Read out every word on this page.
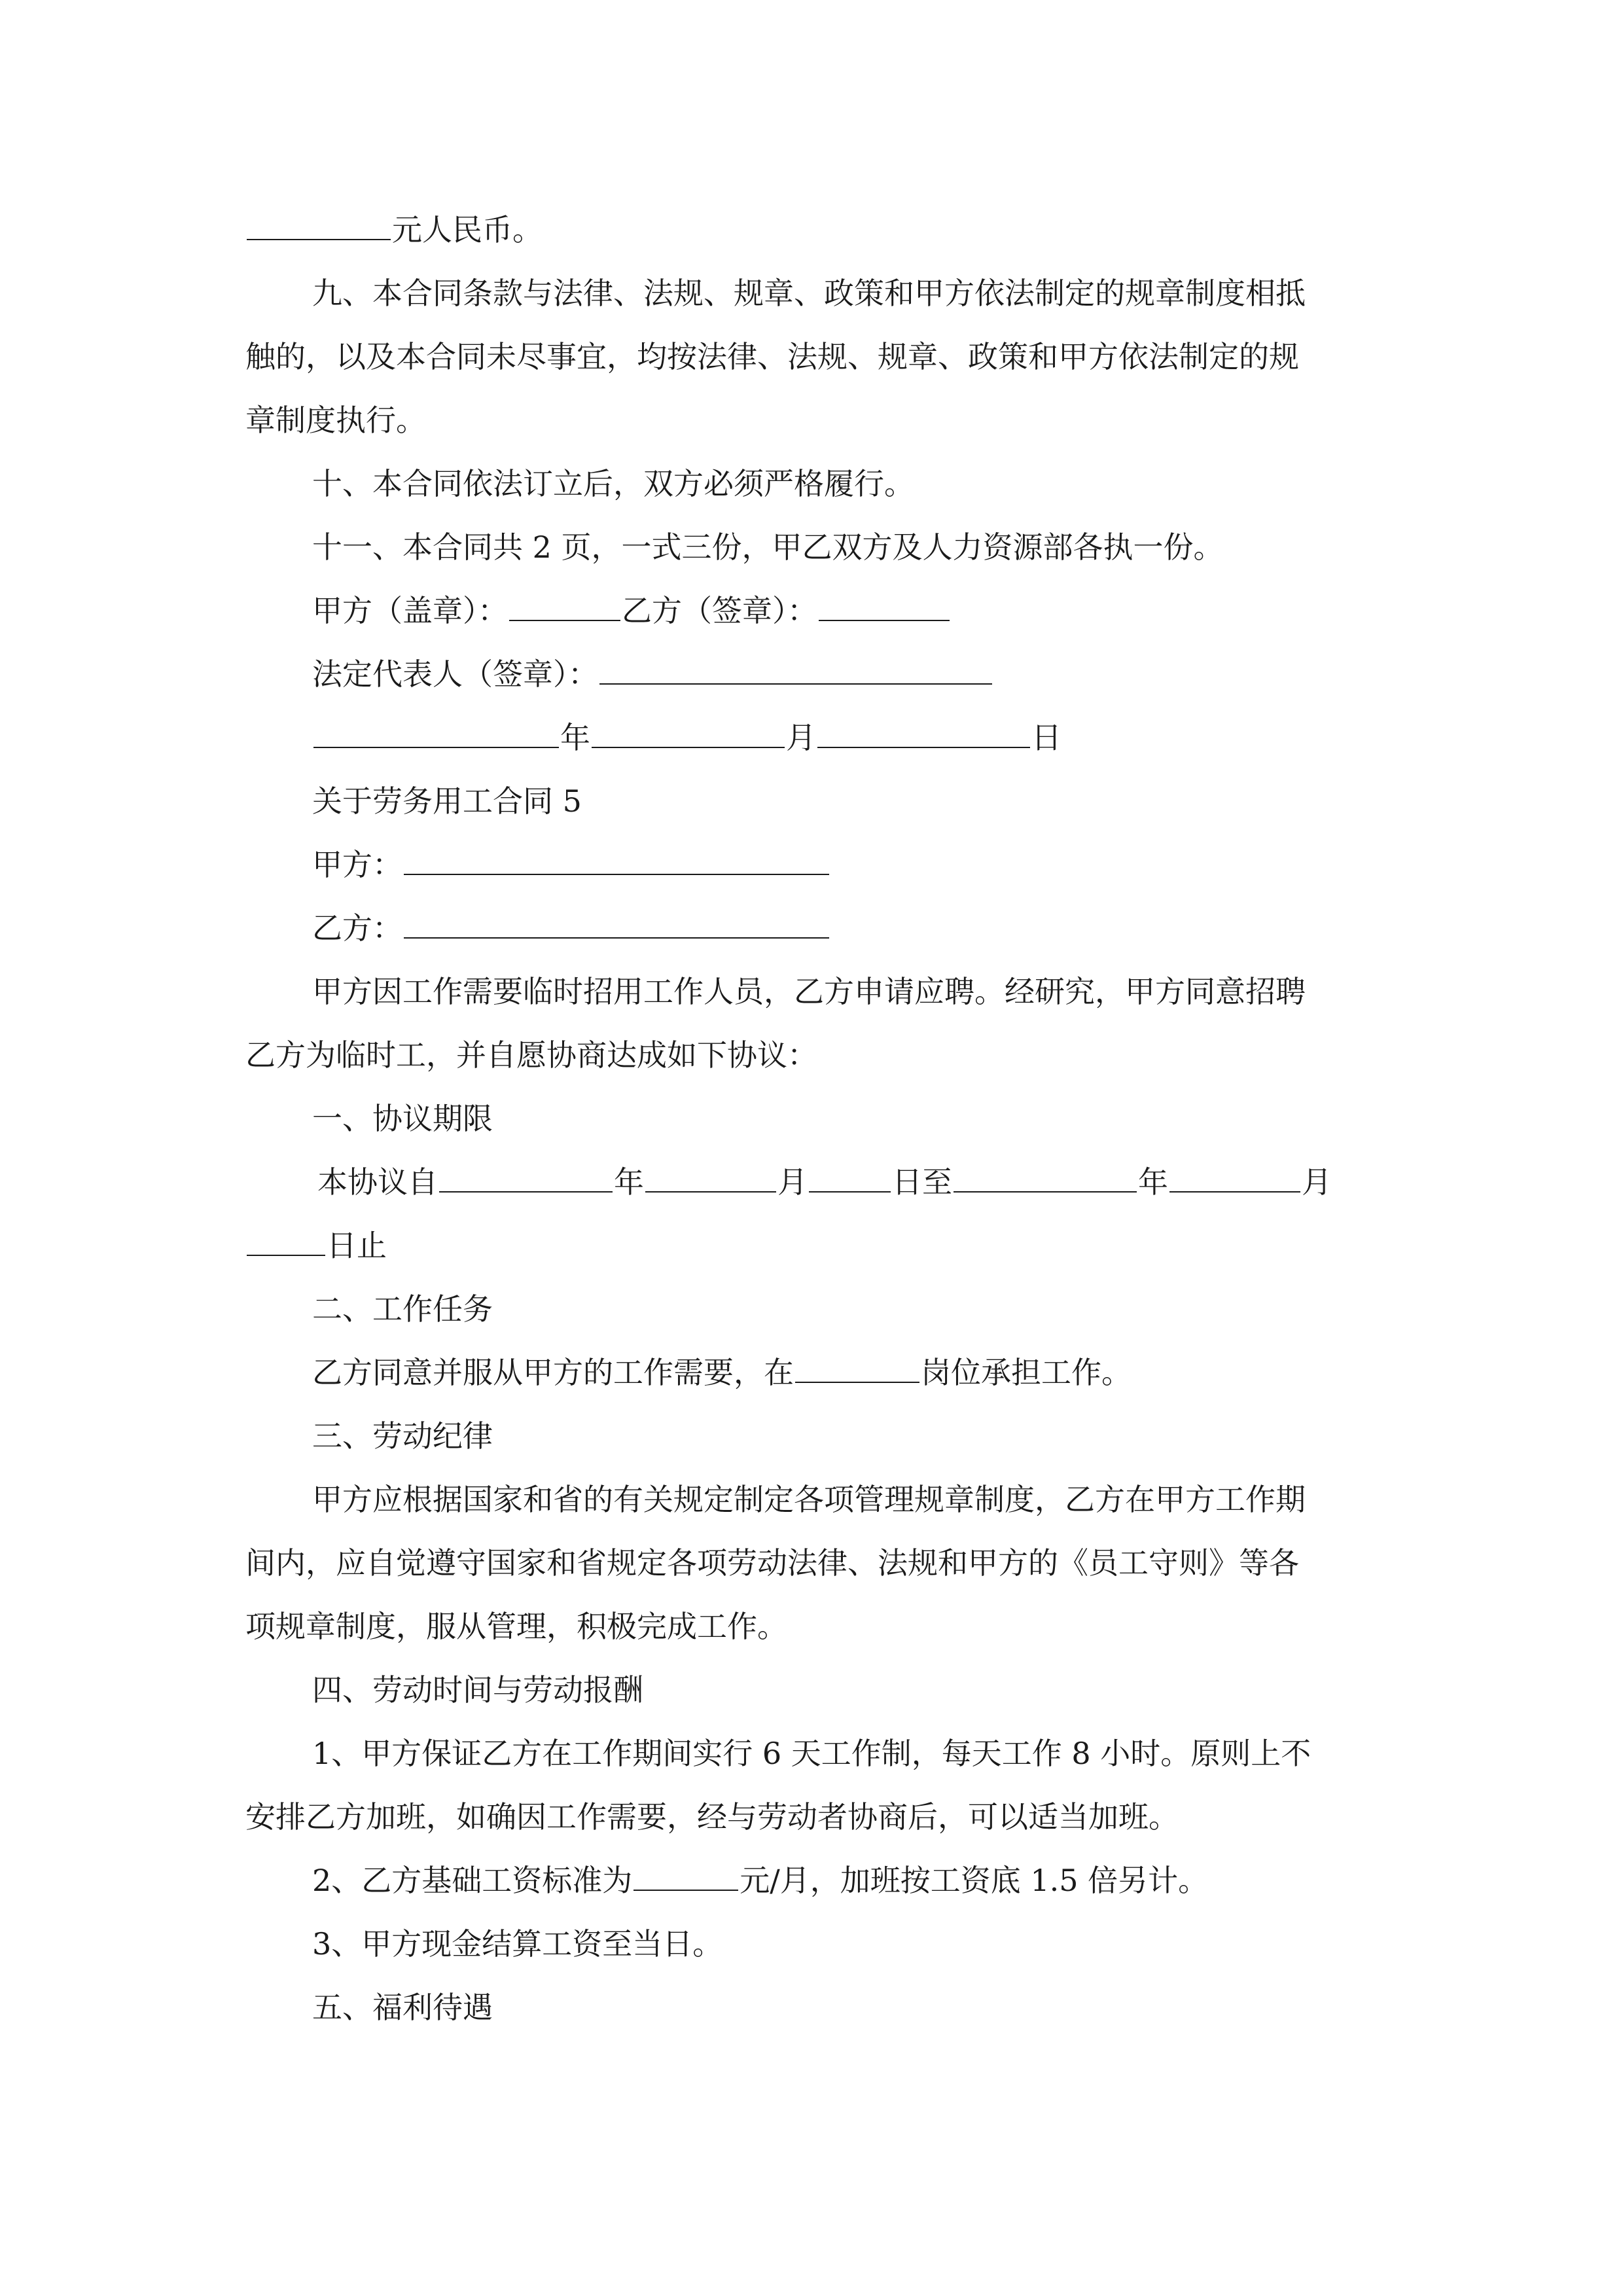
元人民币。
九、本合同条款与法律、法规、规章、政策和甲方依法制定的规章制度相抵
触的，以及本合同未尽事宜，均按法律、法规、规章、政策和甲方依法制定的规
章制度执行。
十、本合同依法订立后，双方必须严格履行。
十一、本合同共 2 页，一式三份，甲乙双方及人力资源部各执一份。
甲方（盖章）：	乙方（签章）：
法定代表人（签章）：
年	月	日
关于劳务用工合同 5
甲方：
乙方：
甲方因工作需要临时招用工作人员，乙方申请应聘。经研究，甲方同意招聘
乙方为临时工，并自愿协商达成如下协议：
一、协议期限
本协议自	年	月	日至	年	月
日止
二、工作任务
乙方同意并服从甲方的工作需要，在	岗位承担工作。
三、劳动纪律
甲方应根据国家和省的有关规定制定各项管理规章制度，乙方在甲方工作期
间内，应自觉遵守国家和省规定各项劳动法律、法规和甲方的《员工守则》等各
项规章制度，服从管理，积极完成工作。
四、劳动时间与劳动报酬
1、甲方保证乙方在工作期间实行 6 天工作制，每天工作 8 小时。原则上不
安排乙方加班，如确因工作需要，经与劳动者协商后，可以适当加班。
2、乙方基础工资标准为	元/月，加班按工资底 1.5 倍另计。
3、甲方现金结算工资至当日。
五、福利待遇
